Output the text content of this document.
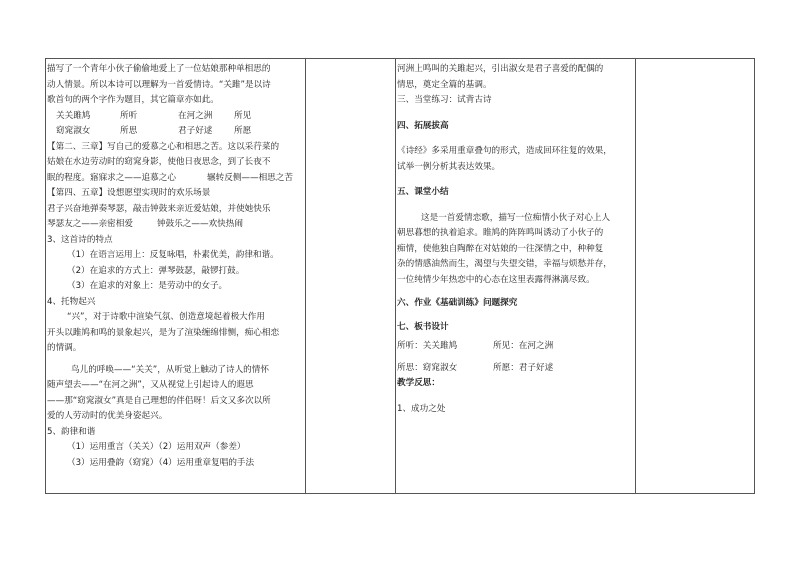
描写了一个青年小伙子偷偷地爱上了一位姑娘那种单相思的

动人情景。所以本诗可以理解为一首爱情诗。“关雎”是以诗

歌首句的两个字作为题目，其它篇章亦如此。

关关雎鸠	所听	在河之洲	所见

窈窕淑女	所思	君子好逑	所愿

【第二、三章】写自己的爱慕之心和相思之苦。这以采荇菜的

姑娘在水边劳动时的窈窕身影，使他日夜思念，到了长夜不

眠的程度。寤寐求之——追慕之心	辗转反侧——相思之苦

【第四、五章】设想愿望实现时的欢乐场景

君子兴奋地弹奏琴瑟，敲击钟鼓来亲近爱姑娘，并使她快乐

琴瑟友之——亲密相爱	钟鼓乐之——欢快热闹

3、这首诗的特点

（1）在语言运用上：反复咏唱，朴素优美，韵律和谐。

（2）在追求的方式上：弹琴鼓瑟，敲锣打鼓。

（3）在追求的对象上：是劳动中的女子。

4、托物起兴

“兴”，对于诗歌中渲染气氛、创造意境起着极大作用

开头以雎鸠和鸣的景象起兴，是为了渲染缠绵悱恻，痴心相恋

的情调。

鸟儿的呼唤——“关关”，从听觉上触动了诗人的情怀

随声望去——“在河之洲”，又从视觉上引起诗人的遐思

——那“窈窕淑女”真是自己理想的伴侣呀！后文又多次以所

爱的人劳动时的优美身姿起兴。

5、韵律和谐

（1）运用重言（关关）（2）运用双声（参差）

（3）运用叠韵（窈窕）（4）运用重章复唱的手法

河洲上鸣叫的关雎起兴，引出淑女是君子喜爱的配偶的

情思，奠定全篇的基调。

三、当堂练习：试背古诗

四、拓展拔高

《诗经》多采用重章叠句的形式，造成回环往复的效果，

试举一例分析其表达效果。

五、课堂小结

这是一首爱情恋歌，描写一位痴情小伙子对心上人

朝思暮想的执着追求。睢鸠的阵阵鸣叫诱动了小伙子的

痴情，使他独自陶醉在对姑娘的一往深情之中，种种复

杂的情感油然而生，渴望与失望交错，幸福与烦愁并存，

一位纯情少年热恋中的心态在这里表露得淋漓尽致。

六、作业《基础训练》问题探究

七、板书设计

所听：关关雎鸠	所见：在河之洲

所思：窈窕淑女	所愿：君子好逑

教学反思：

1、成功之处
